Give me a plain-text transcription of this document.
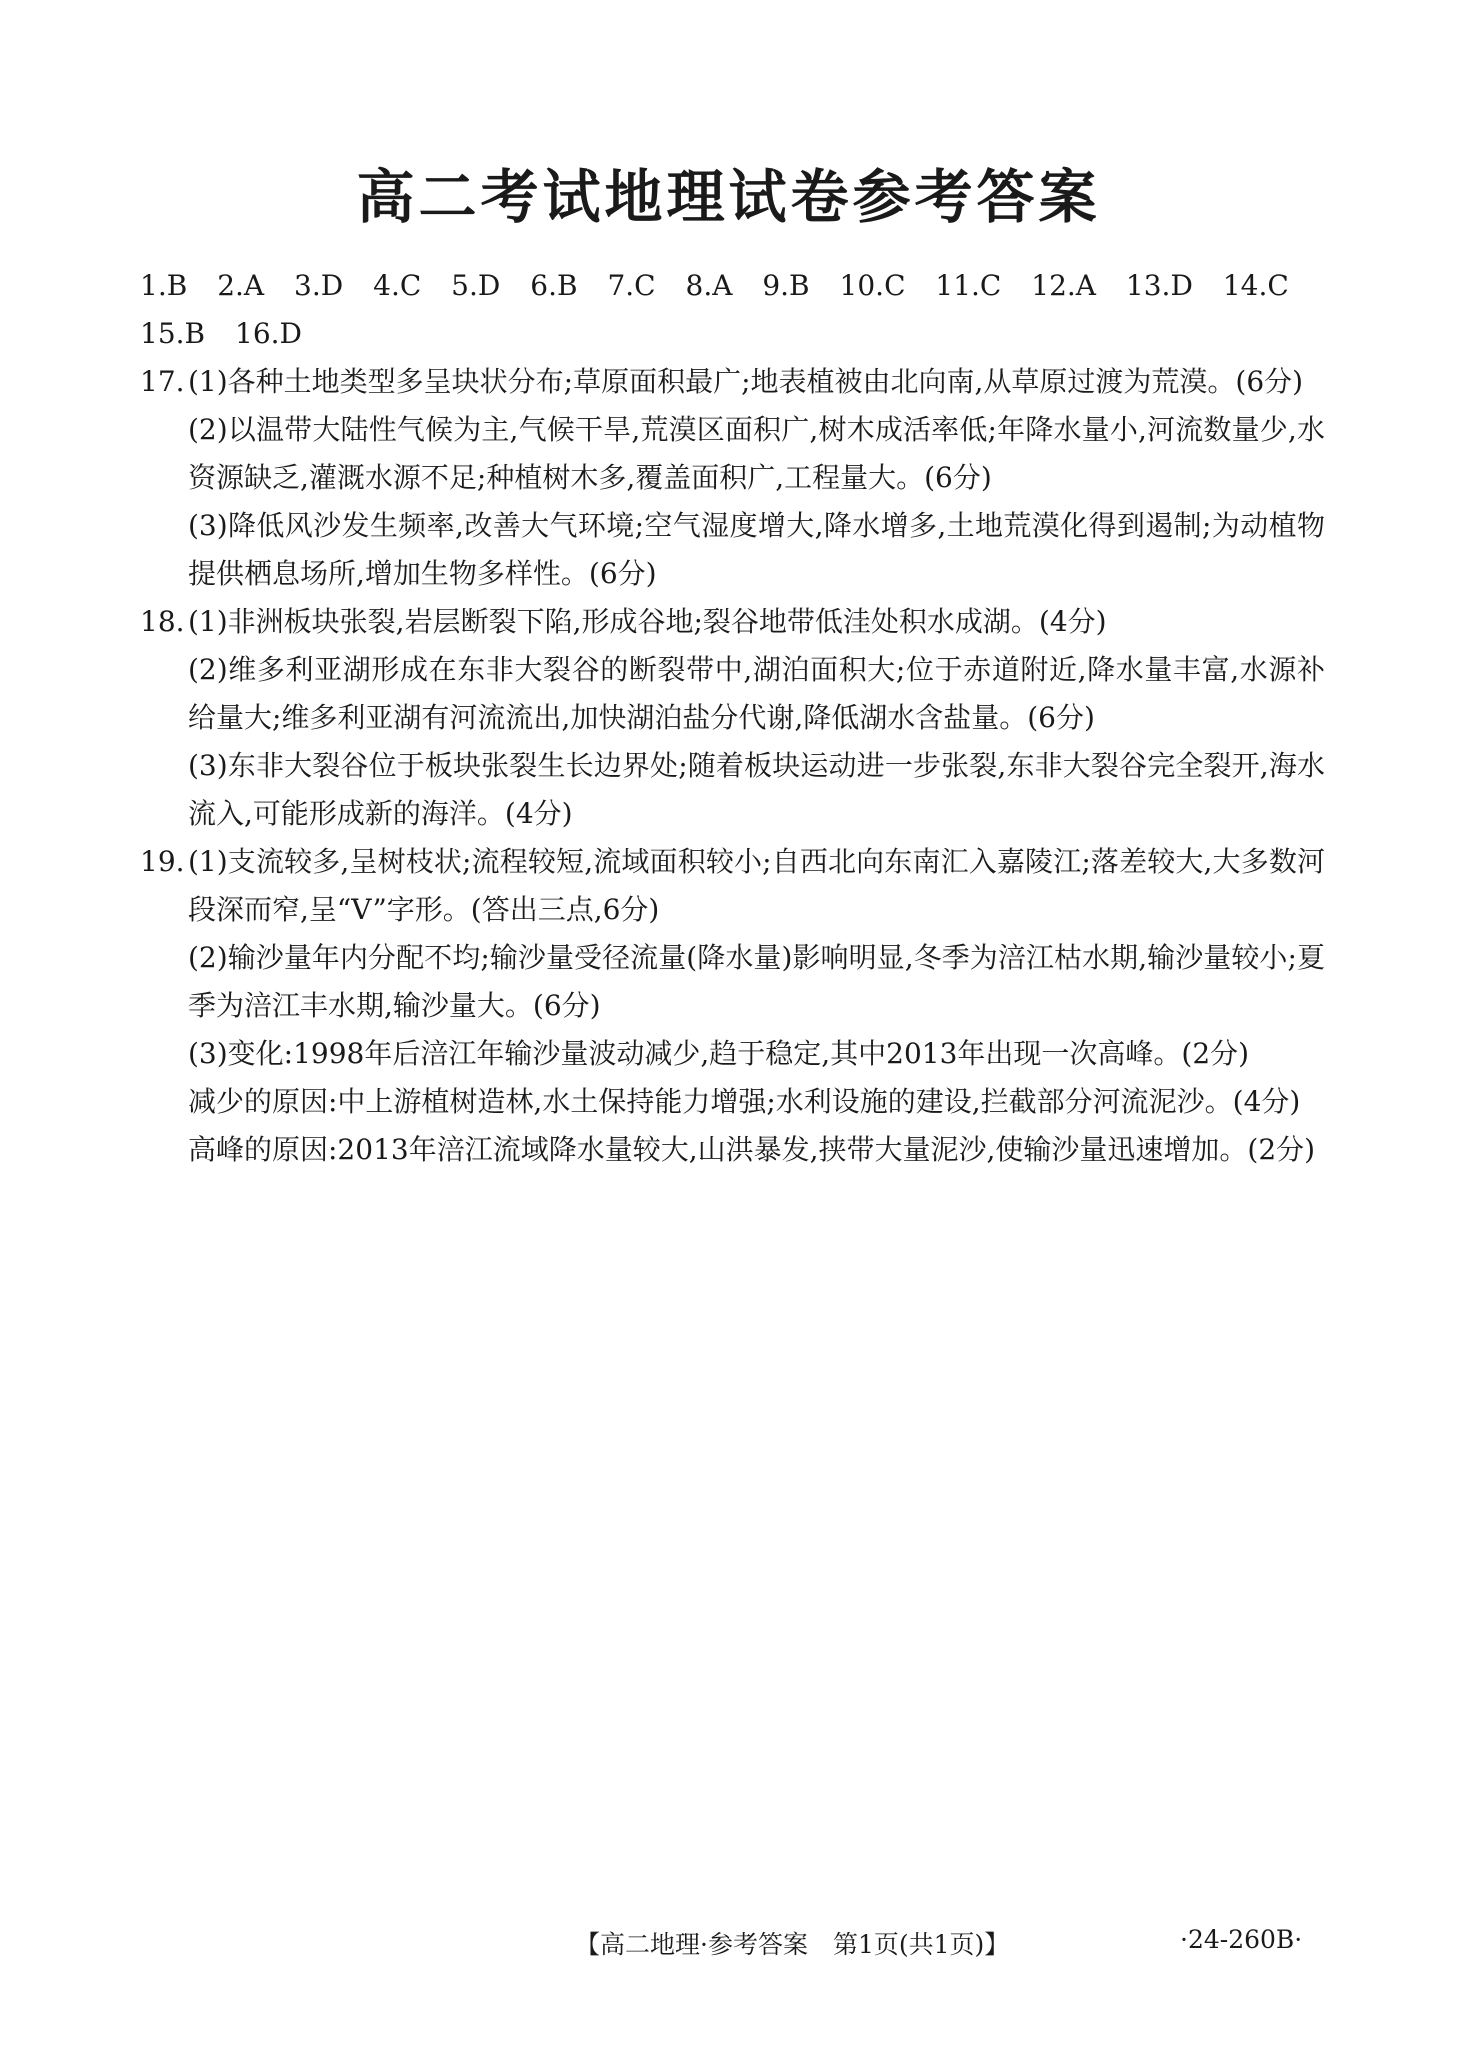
高二考试地理试卷参考答案
1.B 2.A 3.D 4.C 5.D 6.B 7.C 8.A 9.B 10.C 11.C 12.A 13.D 14.C
15.B 16.D
17. (1)各种土地类型多呈块状分布;草原面积最广;地表植被由北向南,从草原过渡为荒漠。(6分)

(2)以温带大陆性气候为主,气候干旱,荒漠区面积广,树木成活率低;年降水量小,河流数量少,水资源缺乏,灌溉水源不足;种植树木多,覆盖面积广,工程量大。(6分)

(3)降低风沙发生频率,改善大气环境;空气湿度增大,降水增多,土地荒漠化得到遏制;为动植物提供栖息场所,增加生物多样性。(6分)

18. (1)非洲板块张裂,岩层断裂下陷,形成谷地;裂谷地带低洼处积水成湖。(4分)

(2)维多利亚湖形成在东非大裂谷的断裂带中,湖泊面积大;位于赤道附近,降水量丰富,水源补给量大;维多利亚湖有河流流出,加快湖泊盐分代谢,降低湖水含盐量。(6分)

(3)东非大裂谷位于板块张裂生长边界处;随着板块运动进一步张裂,东非大裂谷完全裂开,海水流入,可能形成新的海洋。(4分)

19. (1)支流较多,呈树枝状;流程较短,流域面积较小;自西北向东南汇入嘉陵江;落差较大,大多数河段深而窄,呈“V”字形。(答出三点,6分)

(2)输沙量年内分配不均;输沙量受径流量(降水量)影响明显,冬季为涪江枯水期,输沙量较小;夏季为涪江丰水期,输沙量大。(6分)

(3)变化:1998年后涪江年输沙量波动减少,趋于稳定,其中2013年出现一次高峰。(2分)

减少的原因:中上游植树造林,水土保持能力增强;水利设施的建设,拦截部分河流泥沙。(4分)

高峰的原因:2013年涪江流域降水量较大,山洪暴发,挟带大量泥沙,使输沙量迅速增加。(2分)

【高二地理·参考答案　第1页(共1页)】	·24-260B·
